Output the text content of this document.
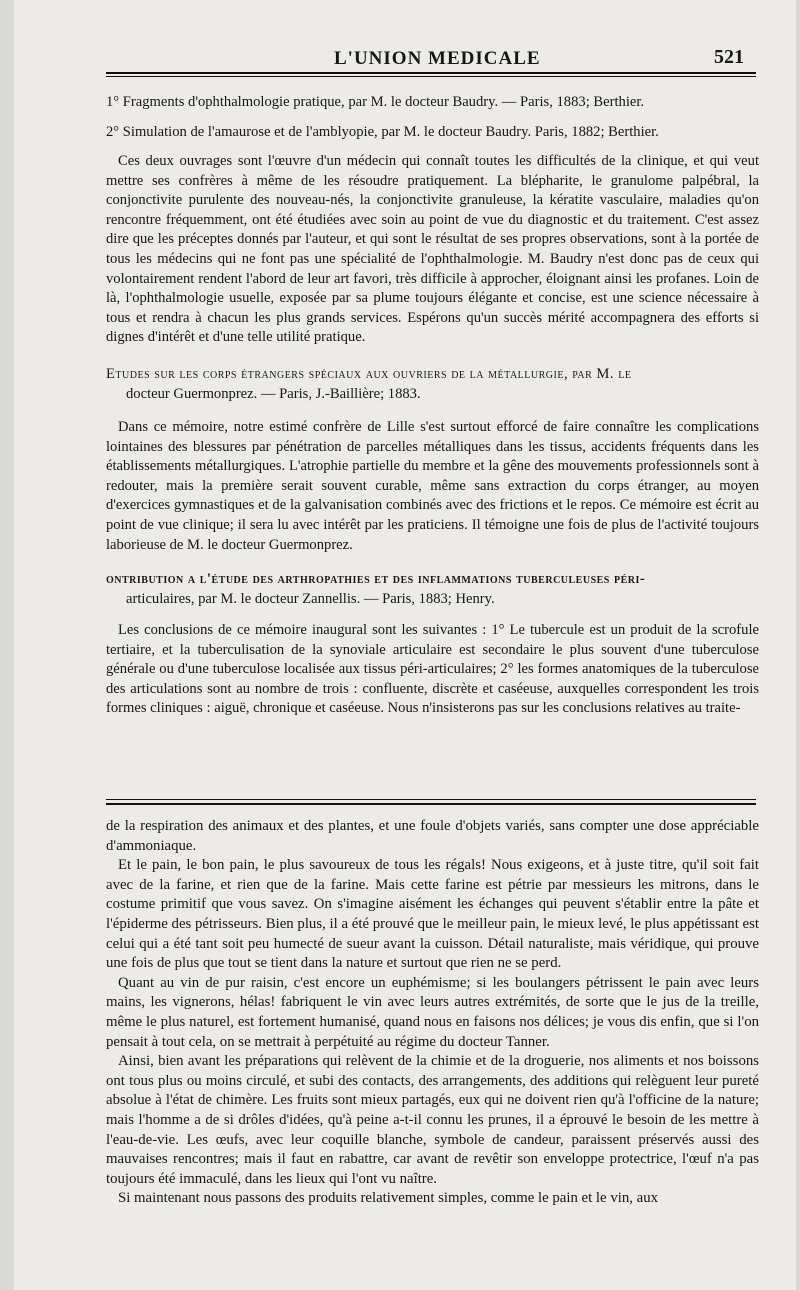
L'UNION MEDICALE	521

1° Fragments d'ophthalmologie pratique, par M. le docteur Baudry. — Paris, 1883; Berthier.

2° Simulation de l'amaurose et de l'amblyopie, par M. le docteur Baudry. Paris, 1882; Berthier.

Ces deux ouvrages sont l'œuvre d'un médecin qui connaît toutes les difficultés de la clinique, et qui veut mettre ses confrères à même de les résoudre pratiquement. La blépharite, le granulome palpébral, la conjonctivite purulente des nouveau-nés, la conjonctivite granuleuse, la kératite vasculaire, maladies qu'on rencontre fréquemment, ont été étudiées avec soin au point de vue du diagnostic et du traitement. C'est assez dire que les préceptes donnés par l'auteur, et qui sont le résultat de ses propres observations, sont à la portée de tous les médecins qui ne font pas une spécialité de l'ophthalmologie. M. Baudry n'est donc pas de ceux qui volontairement rendent l'abord de leur art favori, très difficile à approcher, éloignant ainsi les profanes. Loin de là, l'ophthalmologie usuelle, exposée par sa plume toujours élégante et concise, est une science nécessaire à tous et rendra à chacun les plus grands services. Espérons qu'un succès mérité accompagnera des efforts si dignes d'intérêt et d'une telle utilité pratique.

Etudes sur les corps étrangers spéciaux aux ouvriers de la métallurgie, par M. le
docteur Guermonprez. — Paris, J.-Baillière; 1883.

Dans ce mémoire, notre estimé confrère de Lille s'est surtout efforcé de faire connaître les complications lointaines des blessures par pénétration de parcelles métalliques dans les tissus, accidents fréquents dans les établissements métallurgiques. L'atrophie partielle du membre et la gêne des mouvements professionnels sont à redouter, mais la première serait souvent curable, même sans extraction du corps étranger, au moyen d'exercices gymnastiques et de la galvanisation combinés avec des frictions et le repos. Ce mémoire est écrit au point de vue clinique; il sera lu avec intérêt par les praticiens. Il témoigne une fois de plus de l'activité toujours laborieuse de M. le docteur Guermonprez.

ontribution a l'étude des arthropathies et des inflammations tuberculeuses péri-
articulaires, par M. le docteur Zannellis. — Paris, 1883; Henry.

Les conclusions de ce mémoire inaugural sont les suivantes : 1° Le tubercule est un produit de la scrofule tertiaire, et la tuberculisation de la synoviale articulaire est secondaire le plus souvent d'une tuberculose générale ou d'une tuberculose localisée aux tissus péri-articulaires; 2° les formes anatomiques de la tuberculose des articulations sont au nombre de trois : confluente, discrète et caséeuse, auxquelles correspondent les trois formes cliniques : aiguë, chronique et caséeuse. Nous n'insisterons pas sur les conclusions relatives au traite-

de la respiration des animaux et des plantes, et une foule d'objets variés, sans compter une dose appréciable d'ammoniaque.

Et le pain, le bon pain, le plus savoureux de tous les régals! Nous exigeons, et à juste titre, qu'il soit fait avec de la farine, et rien que de la farine. Mais cette farine est pétrie par messieurs les mitrons, dans le costume primitif que vous savez. On s'imagine aisément les échanges qui peuvent s'établir entre la pâte et l'épiderme des pétrisseurs. Bien plus, il a été prouvé que le meilleur pain, le mieux levé, le plus appétissant est celui qui a été tant soit peu humecté de sueur avant la cuisson. Détail naturaliste, mais véridique, qui prouve une fois de plus que tout se tient dans la nature et surtout que rien ne se perd.

Quant au vin de pur raisin, c'est encore un euphémisme; si les boulangers pétrissent le pain avec leurs mains, les vignerons, hélas! fabriquent le vin avec leurs autres extrémités, de sorte que le jus de la treille, même le plus naturel, est fortement humanisé, quand nous en faisons nos délices; je vous dis enfin, que si l'on pensait à tout cela, on se mettrait à perpétuité au régime du docteur Tanner.

Ainsi, bien avant les préparations qui relèvent de la chimie et de la droguerie, nos aliments et nos boissons ont tous plus ou moins circulé, et subi des contacts, des arrangements, des additions qui relèguent leur pureté absolue à l'état de chimère. Les fruits sont mieux partagés, eux qui ne doivent rien qu'à l'officine de la nature; mais l'homme a de si drôles d'idées, qu'à peine a-t-il connu les prunes, il a éprouvé le besoin de les mettre à l'eau-de-vie. Les œufs, avec leur coquille blanche, symbole de candeur, paraissent préservés aussi des mauvaises rencontres; mais il faut en rabattre, car avant de revêtir son enveloppe protectrice, l'œuf n'a pas toujours été immaculé, dans les lieux qui l'ont vu naître.

Si maintenant nous passons des produits relativement simples, comme le pain et le vin, aux
